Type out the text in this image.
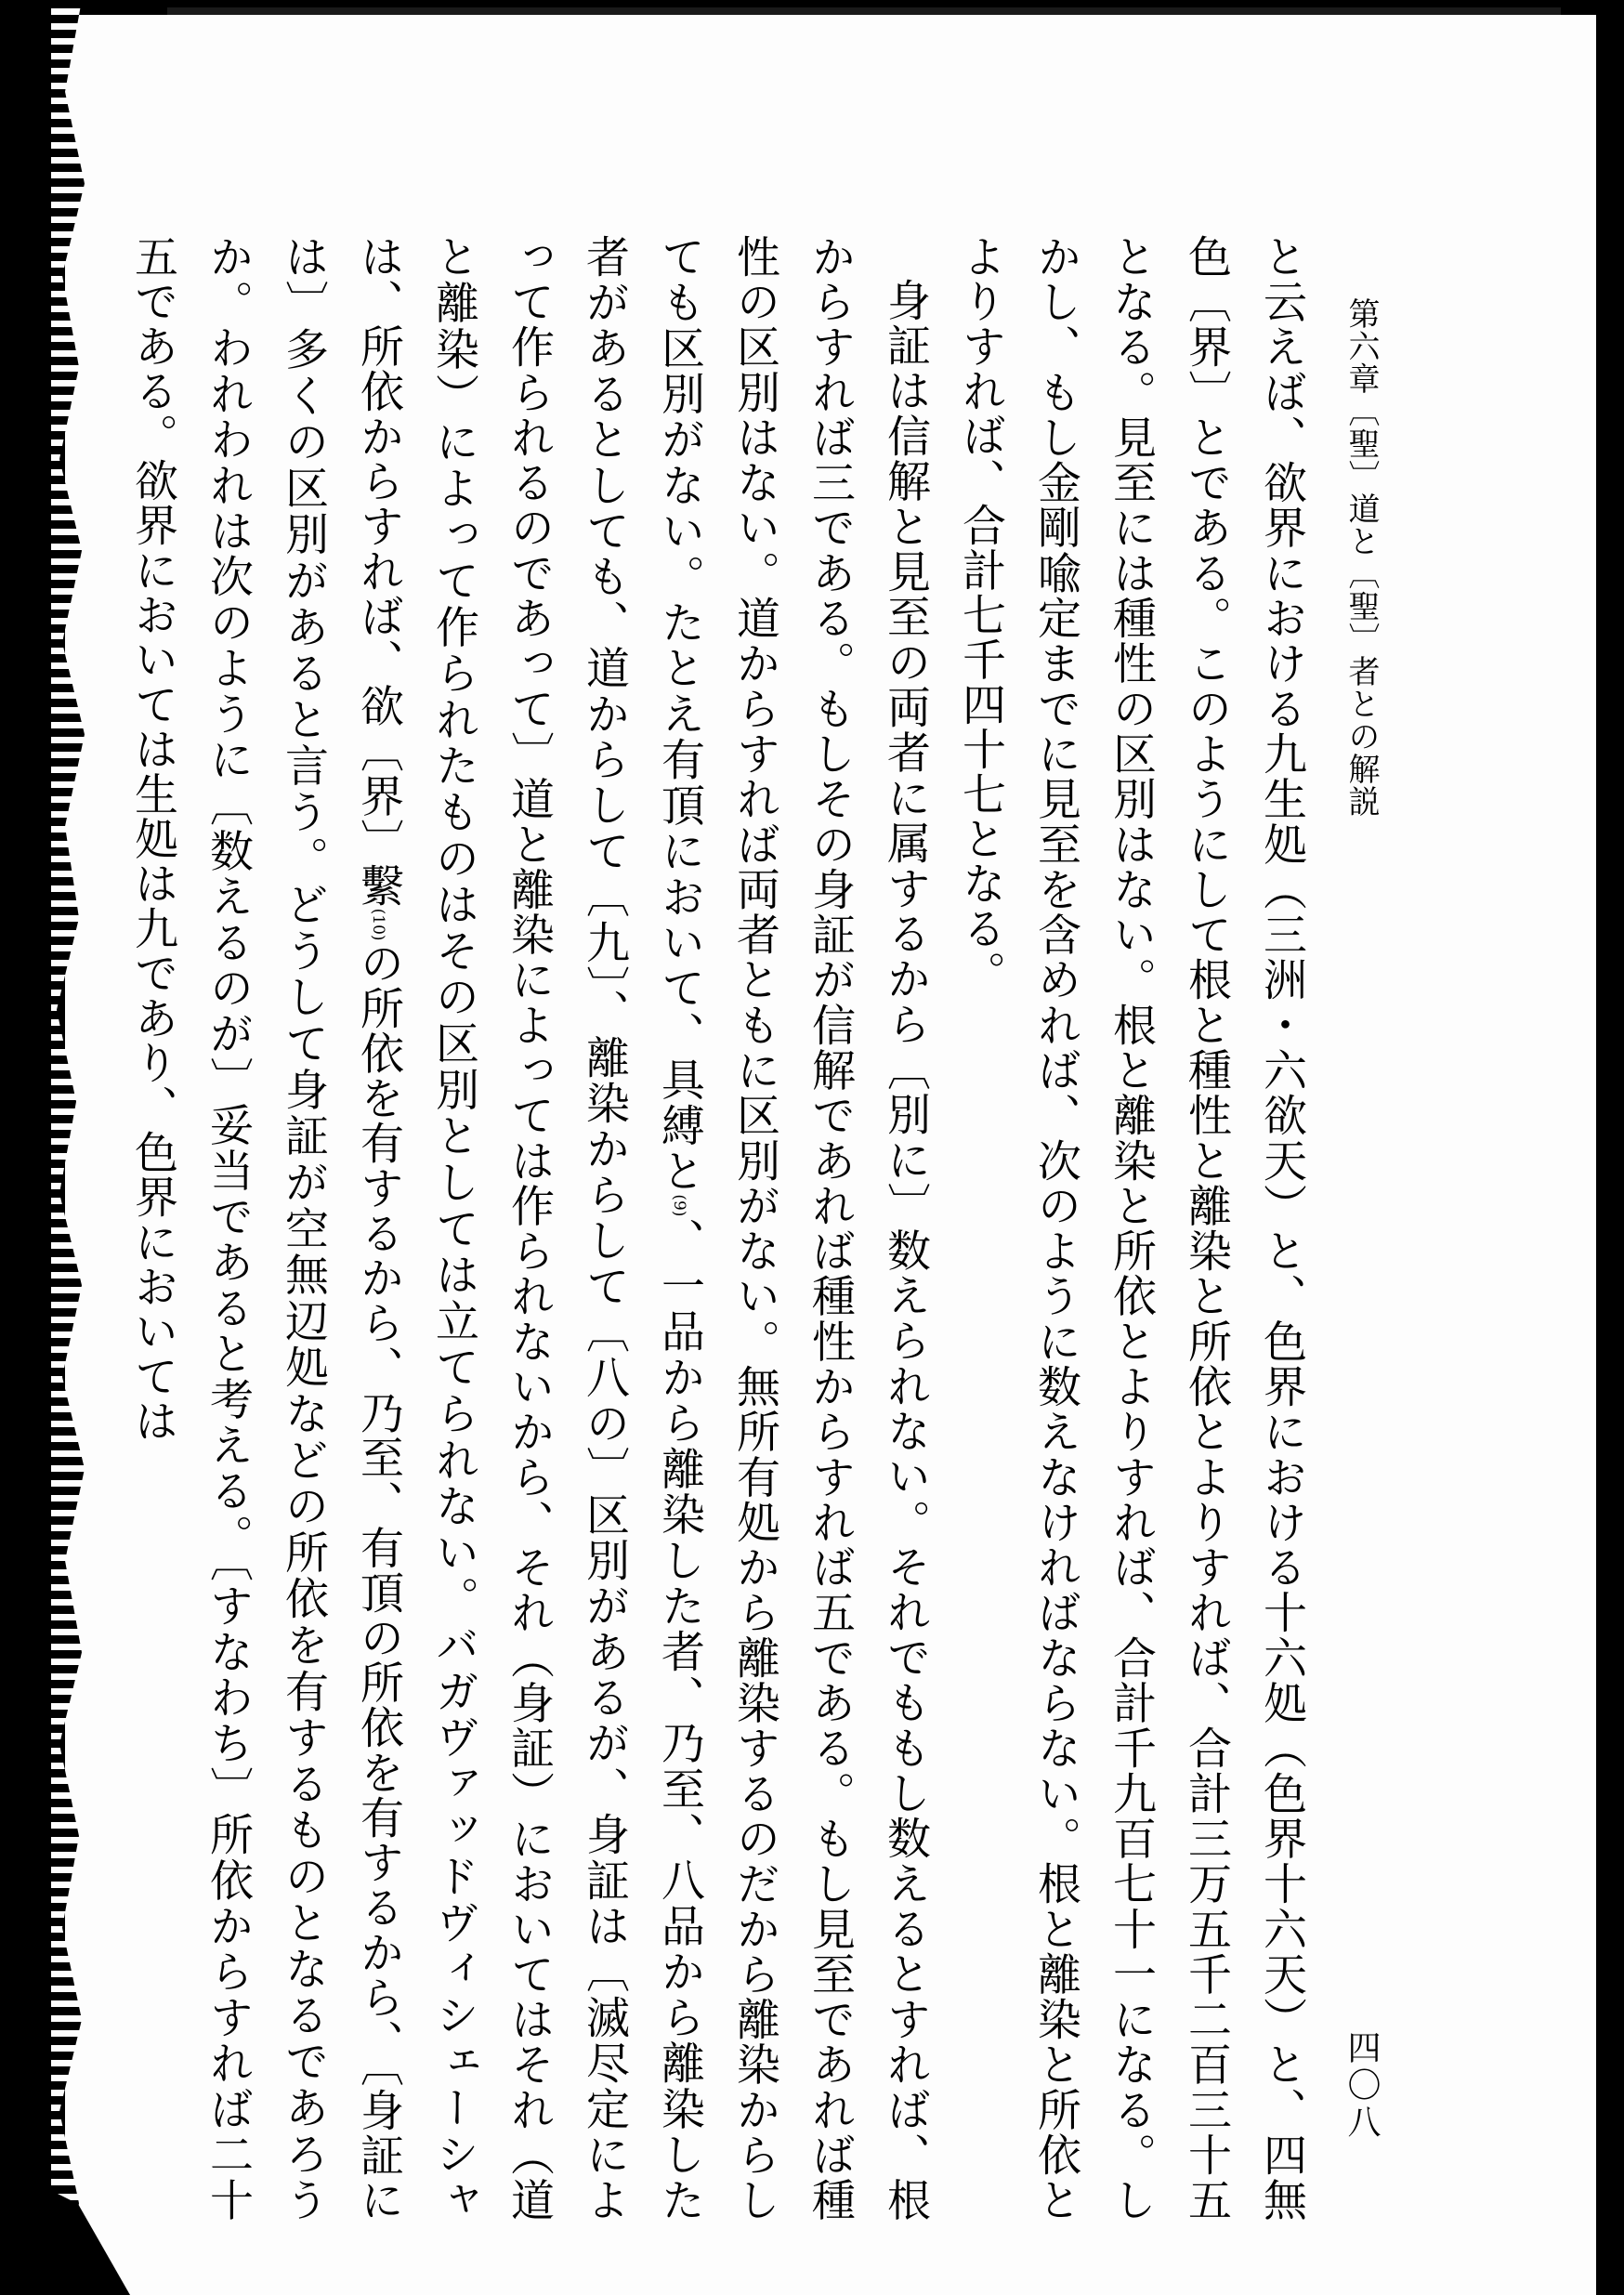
第六章〔聖〕道と〔聖〕者との解説
四〇八

と云えば、欲界における九生処（三洲・六欲天）と、色界における十六処（色界十六天）と、四無色〔界〕とである。このようにして根と種性と離染と所依とよりすれば、合計三万五千二百三十五となる。見至には種性の区別はない。根と離染と所依とよりすれば、合計千九百七十一になる。しかし、もし金剛喩定までに見至を含めれば、次のように数えなければならない。根と離染と所依とよりすれば、合計七千四十七となる。

身証は信解と見至の両者に属するから〔別に〕数えられない。それでももし数えるとすれば、根からすれば三である。もしその身証が信解であれば種性からすれば五である。もし見至であれば種性の区別はない。道からすれば両者ともに区別がない。無所有処から離染するのだから離染からしても区別がない。たとえ有頂において、具縛と(9)、一品から離染した者、乃至、八品から離染した者があるとしても、道からして〔九〕、離染からして〔八の〕区別があるが、身証は〔滅尽定によって作られるのであって〕道と離染によっては作られないから、それ（身証）においてはそれ（道と離染）によって作られたものはその区別としては立てられない。バガヴァッドヴィシェーシャは、所依からすれば、欲〔界〕繫(10)の所依を有するから、乃至、有頂の所依を有するから、〔身証には〕多くの区別があると言う。どうして身証が空無辺処などの所依を有するものとなるであろうか。われわれは次のように〔数えるのが〕妥当であると考える。〔すなわち〕所依からすれば二十五である。欲界においては生処は九であり、色界においては
